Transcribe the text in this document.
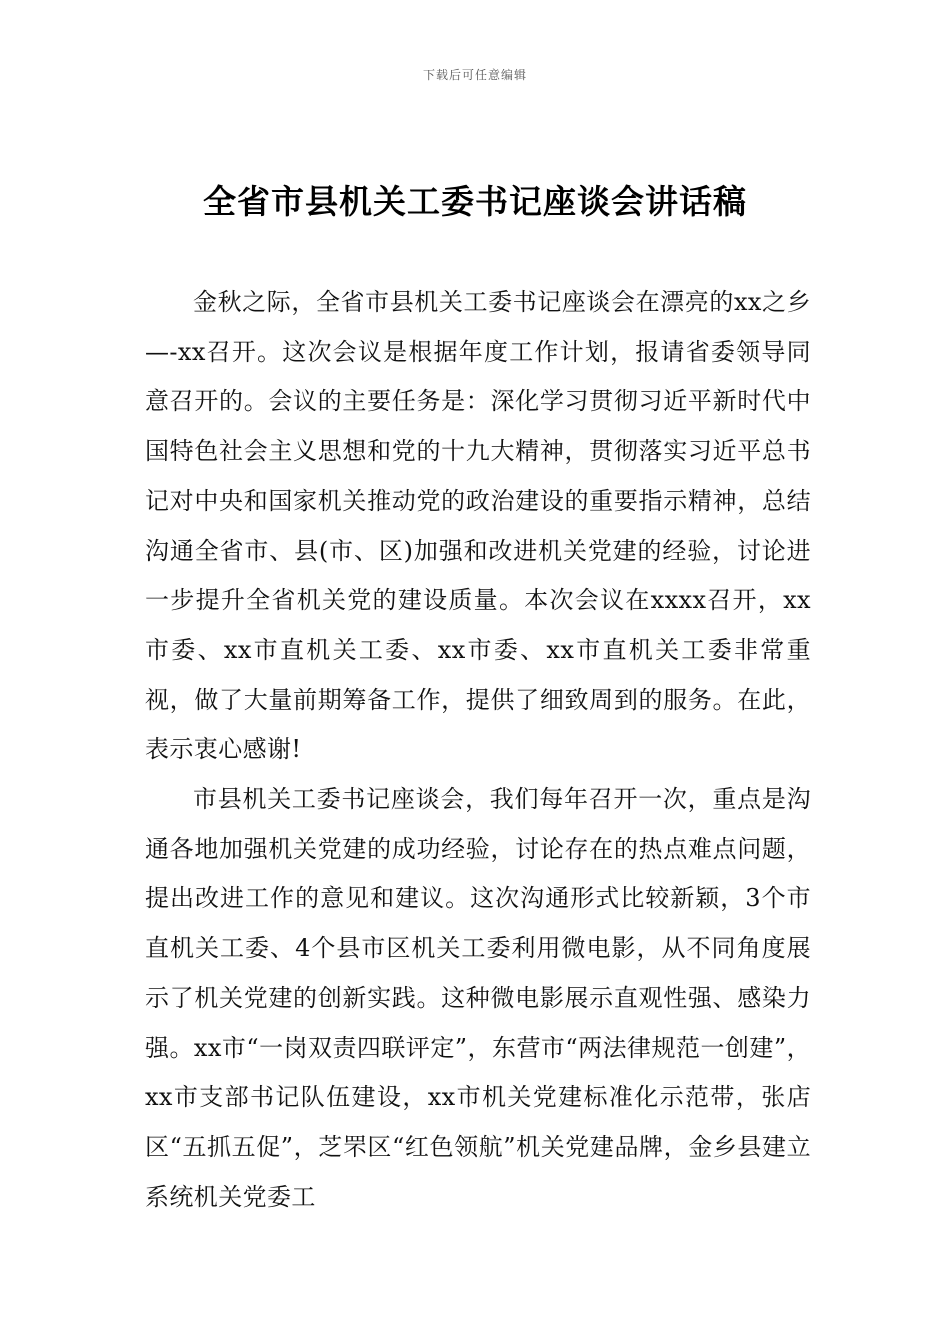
下载后可任意编辑
全省市县机关工委书记座谈会讲话稿

金秋之际，全省市县机关工委书记座谈会在漂亮的xx之乡—-xx召开。这次会议是根据年度工作计划，报请省委领导同意召开的。会议的主要任务是：深化学习贯彻习近平新时代中国特色社会主义思想和党的十九大精神，贯彻落实习近平总书记对中央和国家机关推动党的政治建设的重要指示精神，总结沟通全省市、县(市、区)加强和改进机关党建的经验，讨论进一步提升全省机关党的建设质量。本次会议在xxxx召开，xx市委、xx市直机关工委、xx市委、xx市直机关工委非常重视，做了大量前期筹备工作，提供了细致周到的服务。在此，表示衷心感谢!

市县机关工委书记座谈会，我们每年召开一次，重点是沟通各地加强机关党建的成功经验，讨论存在的热点难点问题，提出改进工作的意见和建议。这次沟通形式比较新颖，3个市直机关工委、4个县市区机关工委利用微电影，从不同角度展示了机关党建的创新实践。这种微电影展示直观性强、感染力强。xx市“一岗双责四联评定”，东营市“两法律规范一创建”，xx市支部书记队伍建设，xx市机关党建标准化示范带，张店区“五抓五促”，芝罘区“红色领航”机关党建品牌，金乡县建立系统机关党委工
